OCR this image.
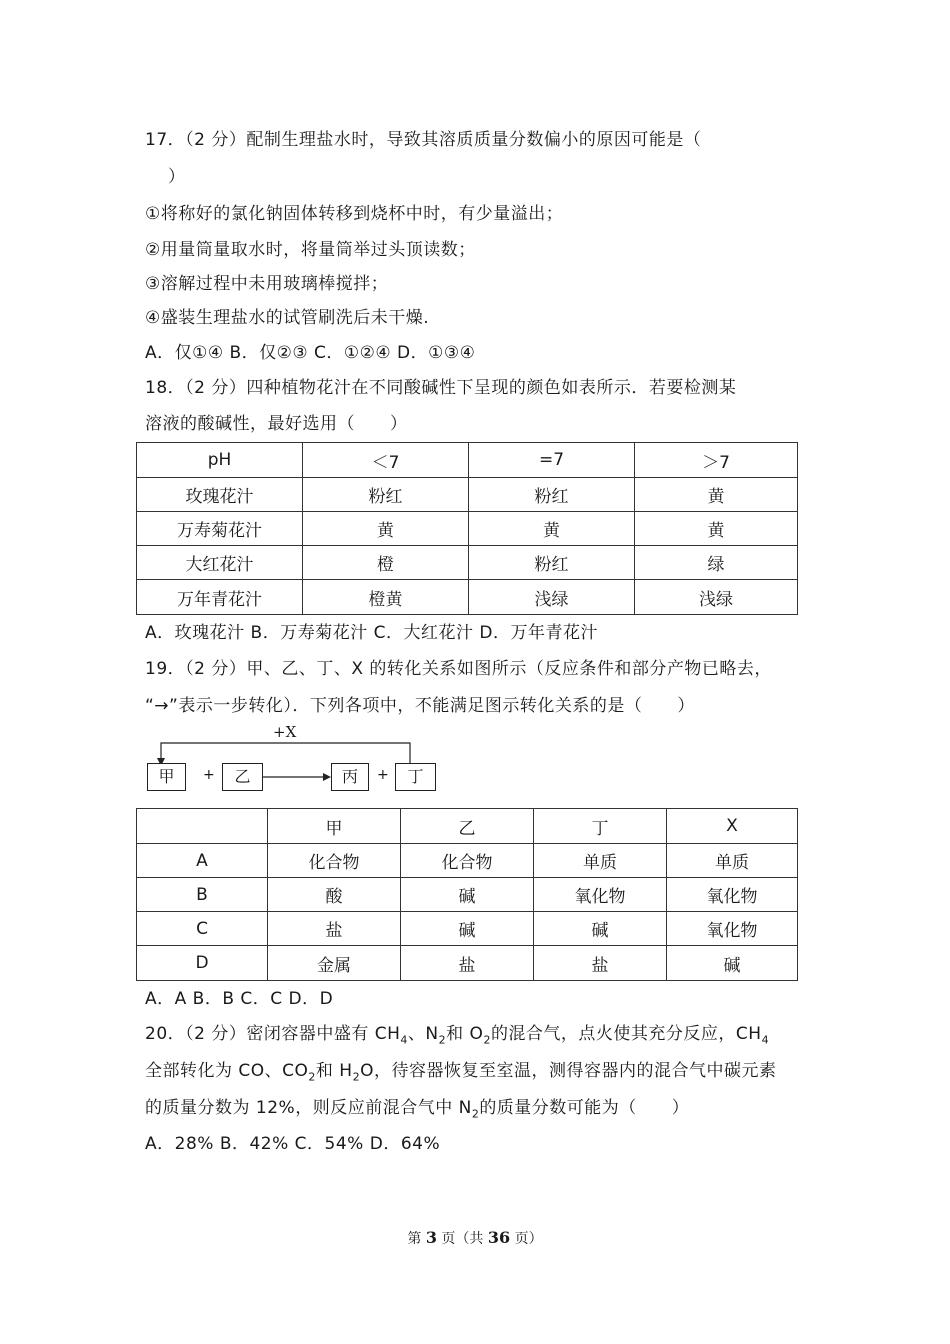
17．（2 分）配制生理盐水时，导致其溶质质量分数偏小的原因可能是（
）
①将称好的氯化钠固体转移到烧杯中时，有少量溢出；
②用量筒量取水时，将量筒举过头顶读数；
③溶解过程中未用玻璃棒搅拌；
④盛装生理盐水的试管刷洗后未干燥.
A．仅①④ B．仅②③ C．①②④ D．①③④
18．（2 分）四种植物花汁在不同酸碱性下呈现的颜色如表所示．若要检测某
溶液的酸碱性，最好选用（　　）
pH	＜7	=7	＞7
玫瑰花汁	粉红	粉红	黄
万寿菊花汁	黄	黄	黄
大红花汁	橙	粉红	绿
万年青花汁	橙黄	浅绿	浅绿
A．玫瑰花汁 B．万寿菊花汁 C．大红花汁 D．万年青花汁
19．（2 分）甲、乙、丁、X 的转化关系如图所示（反应条件和部分产物已略去，
“→”表示一步转化）．下列各项中，不能满足图示转化关系的是（　　）
+X
甲	+	乙	丙	+	丁
	甲	乙	丁	X
A	化合物	化合物	单质	单质
B	酸	碱	氧化物	氧化物
C	盐	碱	碱	氧化物
D	金属	盐	盐	碱
A．A B．B C．C D．D
20．（2 分）密闭容器中盛有 $CH_4$、$N_2$和 $O_2$的混合气，点火使其充分反应，$CH_4$
全部转化为 CO、$CO_2$和 $H_2O$，待容器恢复至室温，测得容器内的混合气中碳元素
的质量分数为 12%，则反应前混合气中 $N_2$的质量分数可能为（　　）
A．28% B．42% C．54% D．64%
第 3 页（共 36 页）
